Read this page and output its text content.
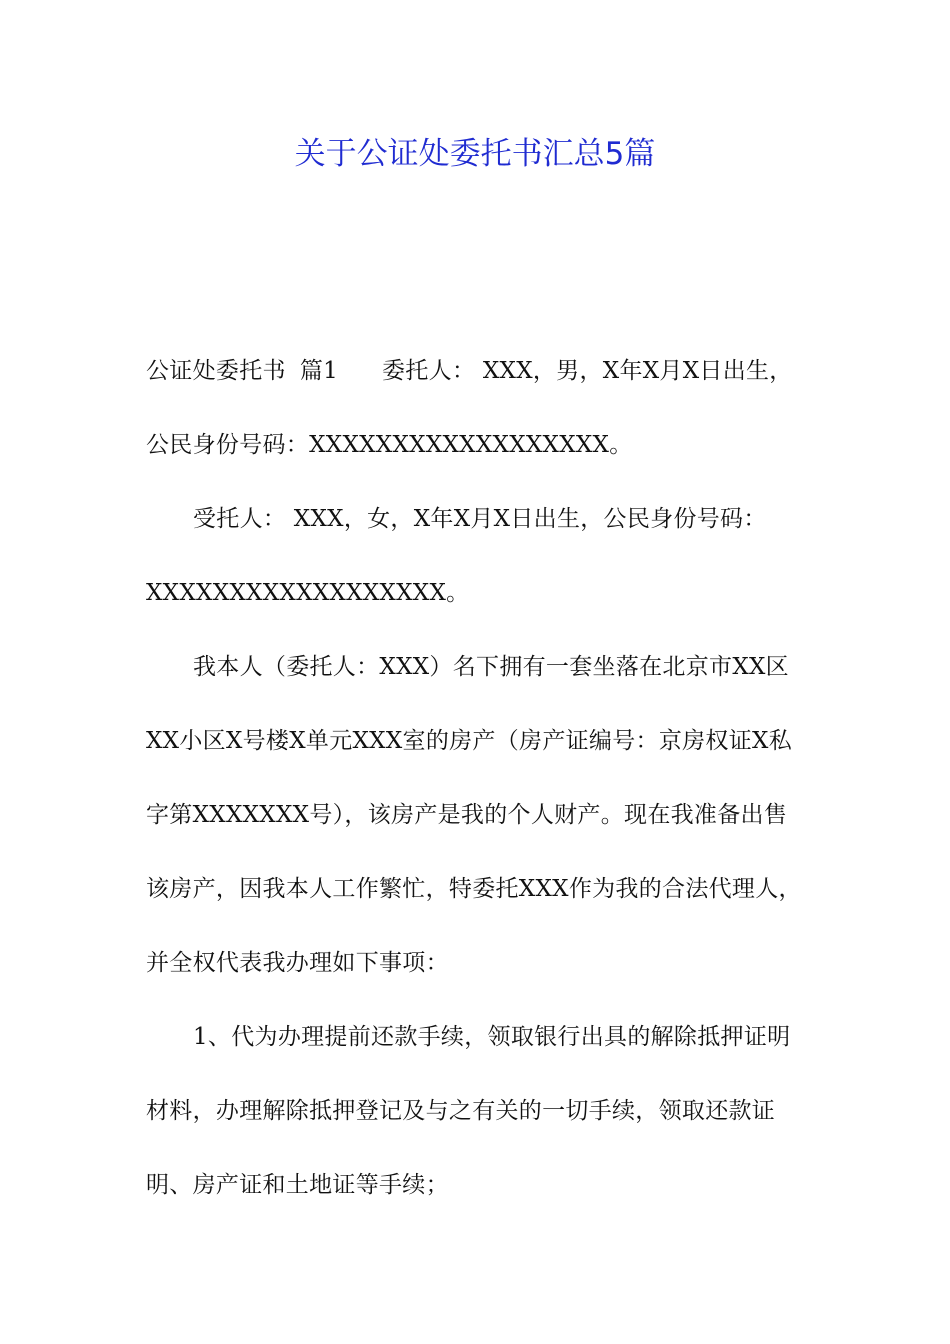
关于公证处委托书汇总5篇

公证处委托书 篇1 委托人： XXX，男，X年X月X日出生，公民身份号码：XXXXXXXXXXXXXXXXXX。

受托人： XXX，女，X年X月X日出生，公民身份号码：XXXXXXXXXXXXXXXXXX。

我本人（委托人：XXX）名下拥有一套坐落在北京市XX区XX小区X号楼X单元XXX室的房产（房产证编号：京房权证X私字第XXXXXXX号），该房产是我的个人财产。现在我准备出售该房产，因我本人工作繁忙，特委托XXX作为我的合法代理人，并全权代表我办理如下事项：

1、代为办理提前还款手续，领取银行出具的解除抵押证明材料，办理解除抵押登记及与之有关的一切手续，领取还款证明、房产证和土地证等手续；
